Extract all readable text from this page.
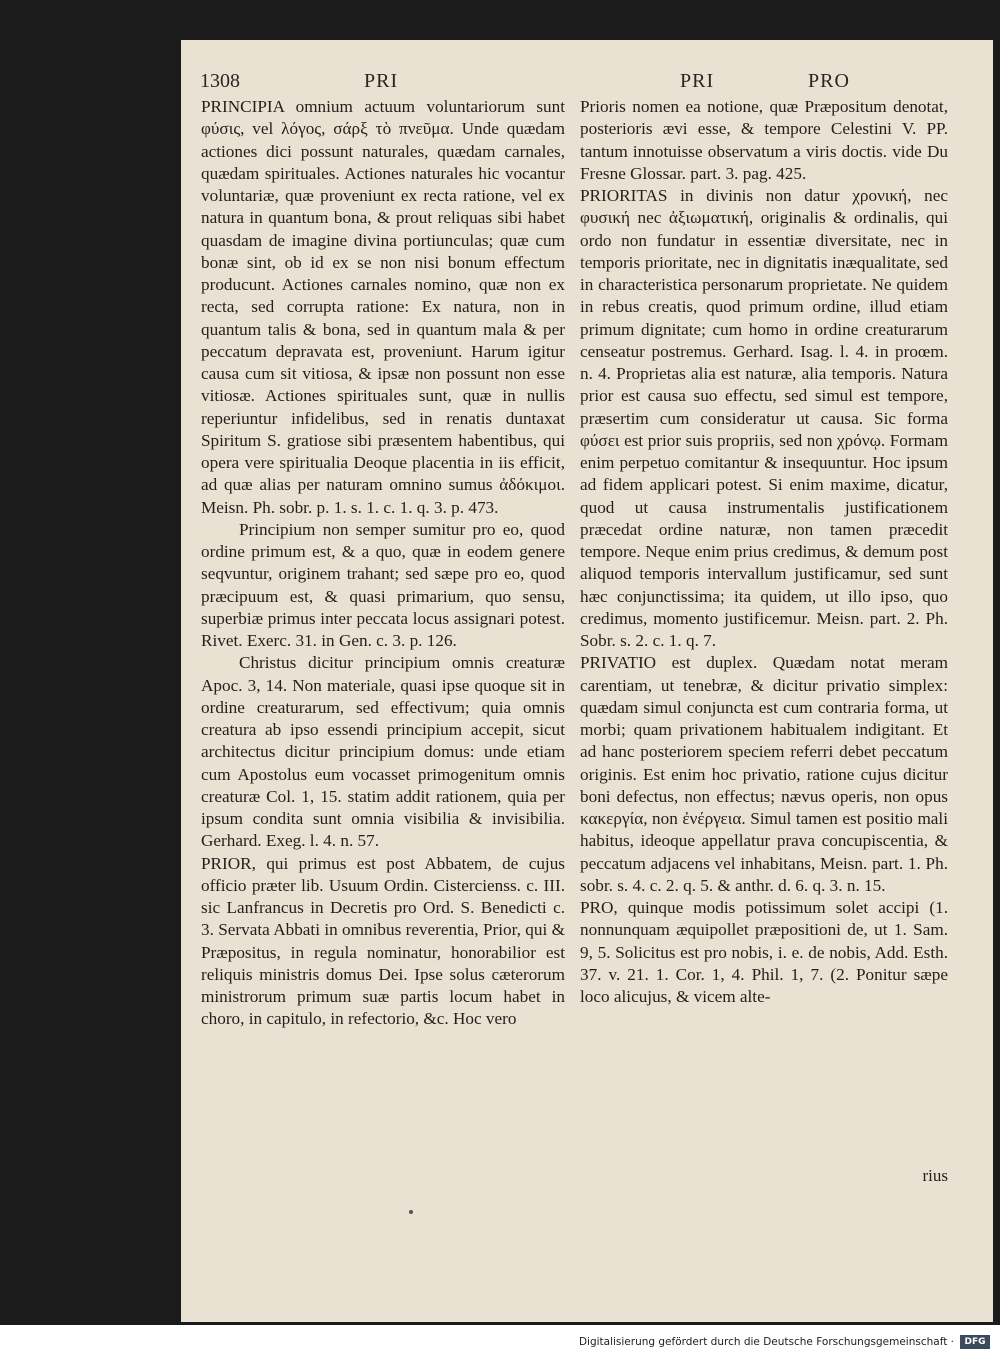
1308	PRI	PRI	PRO

PRINCIPIA omnium actuum voluntariorum sunt φύσις, vel λόγος, σάρξ τὸ πνεῦμα. Unde quædam actiones dici possunt naturales, quædam carnales, quædam spirituales. Actiones naturales hic vocantur voluntariæ, quæ proveniunt ex recta ratione, vel ex natura in quantum bona, & prout reliquas sibi habet quasdam de imagine divina portiunculas; quæ cum bonæ sint, ob id ex se non nisi bonum effectum producunt. Actiones carnales nomino, quæ non ex recta, sed corrupta ratione: Ex natura, non in quantum talis & bona, sed in quantum mala & per peccatum depravata est, proveniunt. Harum igitur causa cum sit vitiosa, & ipsæ non possunt non esse vitiosæ. Actiones spirituales sunt, quæ in nullis reperiuntur infidelibus, sed in renatis duntaxat Spiritum S. gratiose sibi præsentem habentibus, qui opera vere spiritualia Deoque placentia in iis efficit, ad quæ alias per naturam omnino sumus ἀδόκιμοι. Meisn. Ph. sobr. p. 1. s. 1. c. 1. q. 3. p. 473.

Principium non semper sumitur pro eo, quod ordine primum est, & a quo, quæ in eodem genere seqvuntur, originem trahant; sed sæpe pro eo, quod præcipuum est, & quasi primarium, quo sensu, superbiæ primus inter peccata locus assignari potest. Rivet. Exerc. 31. in Gen. c. 3. p. 126.

Christus dicitur principium omnis creaturæ Apoc. 3, 14. Non materiale, quasi ipse quoque sit in ordine creaturarum, sed effectivum; quia omnis creatura ab ipso essendi principium accepit, sicut architectus dicitur principium domus: unde etiam cum Apostolus eum vocasset primogenitum omnis creaturæ Col. 1, 15. statim addit rationem, quia per ipsum condita sunt omnia visibilia & invisibilia. Gerhard. Exeg. l. 4. n. 57.

PRIOR, qui primus est post Abbatem, de cujus officio præter lib. Usuum Ordin. Cistercienss. c. III. sic Lanfrancus in Decretis pro Ord. S. Benedicti c. 3. Servata Abbati in omnibus reverentia, Prior, qui & Præpositus, in regula nominatur, honorabilior est reliquis ministris domus Dei. Ipse solus cæterorum ministrorum primum suæ partis locum habet in choro, in capitulo, in refectorio, &c. Hoc vero

Prioris nomen ea notione, quæ Præpositum denotat, posterioris ævi esse, & tempore Celestini V. PP. tantum innotuisse observatum a viris doctis. vide Du Fresne Glossar. part. 3. pag. 425.

PRIORITAS in divinis non datur χρονική, nec φυσική nec ἀξιωματική, originalis & ordinalis, qui ordo non fundatur in essentiæ diversitate, nec in temporis prioritate, nec in dignitatis inæqualitate, sed in characteristica personarum proprietate. Ne quidem in rebus creatis, quod primum ordine, illud etiam primum dignitate; cum homo in ordine creaturarum censeatur postremus. Gerhard. Isag. l. 4. in proœm. n. 4. Proprietas alia est naturæ, alia temporis. Natura prior est causa suo effectu, sed simul est tempore, præsertim cum consideratur ut causa. Sic forma φύσει est prior suis propriis, sed non χρόνῳ. Formam enim perpetuo comitantur & insequuntur. Hoc ipsum ad fidem applicari potest. Si enim maxime, dicatur, quod ut causa instrumentalis justificationem præcedat ordine naturæ, non tamen præcedit tempore. Neque enim prius credimus, & demum post aliquod temporis intervallum justificamur, sed sunt hæc conjunctissima; ita quidem, ut illo ipso, quo credimus, momento justificemur. Meisn. part. 2. Ph. Sobr. s. 2. c. 1. q. 7.

PRIVATIO est duplex. Quædam notat meram carentiam, ut tenebræ, & dicitur privatio simplex: quædam simul conjuncta est cum contraria forma, ut morbi; quam privationem habitualem indigitant. Et ad hanc posteriorem speciem referri debet peccatum originis. Est enim hoc privatio, ratione cujus dicitur boni defectus, non effectus; nævus operis, non opus κακεργία, non ἐνέργεια. Simul tamen est positio mali habitus, ideoque appellatur prava concupiscentia, & peccatum adjacens vel inhabitans, Meisn. part. 1. Ph. sobr. s. 4. c. 2. q. 5. & anthr. d. 6. q. 3. n. 15.

PRO, quinque modis potissimum solet accipi (1. nonnunquam æquipollet præpositioni de, ut 1. Sam. 9, 5. Solicitus est pro nobis, i. e. de nobis, Add. Esth. 37. v. 21. 1. Cor. 1, 4. Phil. 1, 7. (2. Ponitur sæpe loco alicujus, & vicem alte-

rius
Digitalisierung gefördert durch die Deutsche Forschungsgemeinschaft ·	DFG
